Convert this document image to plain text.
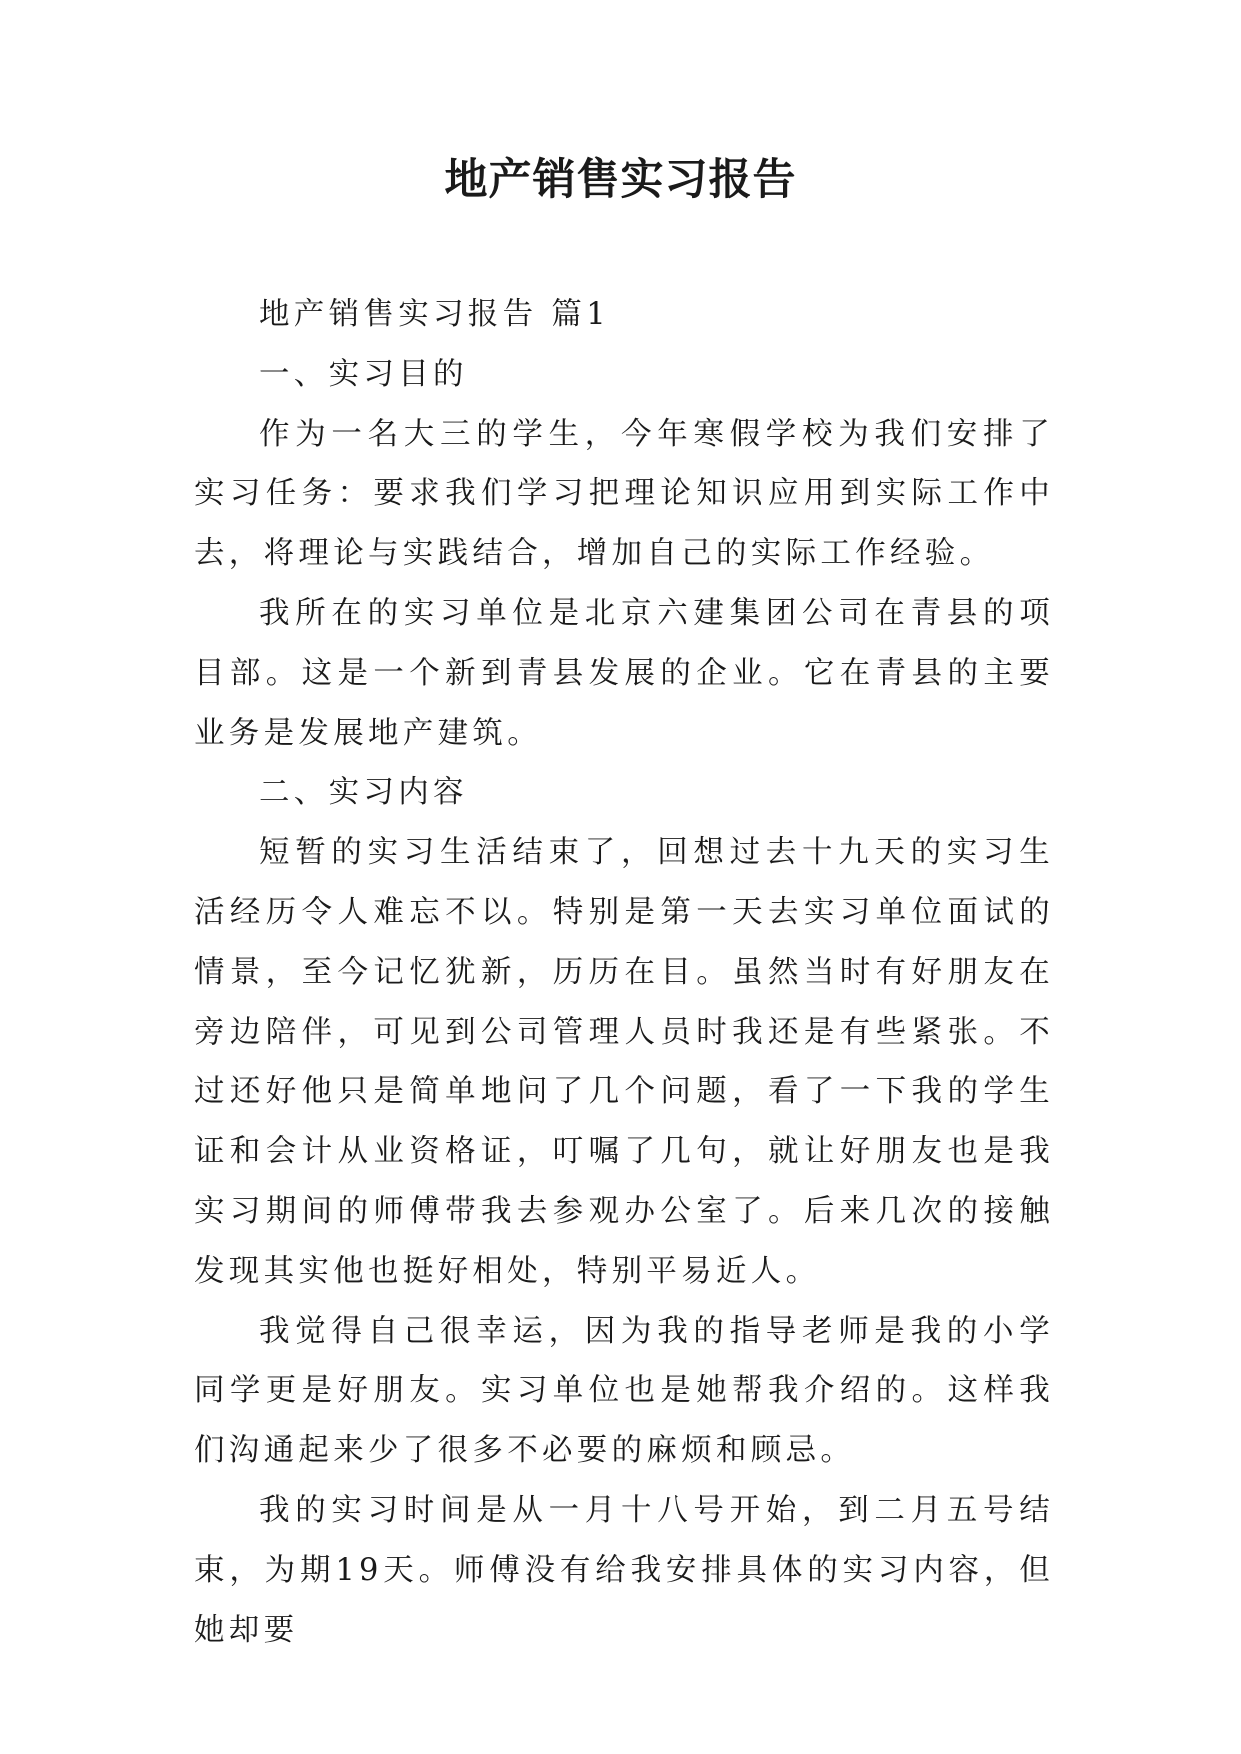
地产销售实习报告

地产销售实习报告 篇1

一、实习目的

作为一名大三的学生，今年寒假学校为我们安排了实习任务：要求我们学习把理论知识应用到实际工作中去，将理论与实践结合，增加自己的实际工作经验。

我所在的实习单位是北京六建集团公司在青县的项目部。这是一个新到青县发展的企业。它在青县的主要业务是发展地产建筑。

二、实习内容

短暂的实习生活结束了，回想过去十九天的实习生活经历令人难忘不以。特别是第一天去实习单位面试的情景，至今记忆犹新，历历在目。虽然当时有好朋友在旁边陪伴，可见到公司管理人员时我还是有些紧张。不过还好他只是简单地问了几个问题，看了一下我的学生证和会计从业资格证，叮嘱了几句，就让好朋友也是我实习期间的师傅带我去参观办公室了。后来几次的接触发现其实他也挺好相处，特别平易近人。

我觉得自己很幸运，因为我的指导老师是我的小学同学更是好朋友。实习单位也是她帮我介绍的。这样我们沟通起来少了很多不必要的麻烦和顾忌。

我的实习时间是从一月十八号开始，到二月五号结束，为期19天。师傅没有给我安排具体的实习内容，但她却要
